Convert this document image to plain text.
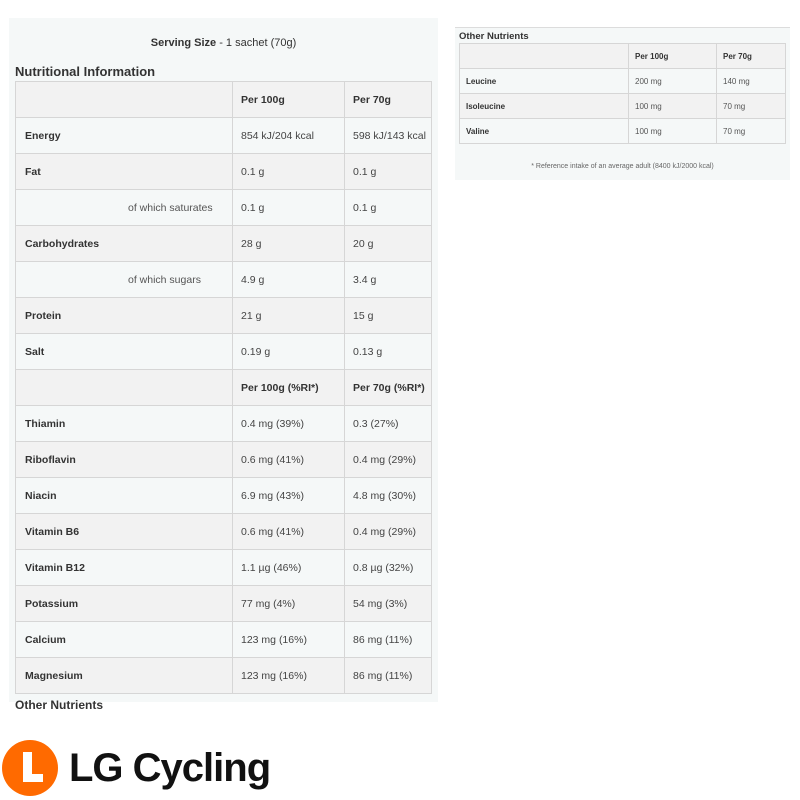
Serving Size - 1 sachet (70g)
Nutritional Information
	Per 100g	Per 70g
Energy	854 kJ/204 kcal	598 kJ/143 kcal
Fat	0.1 g	0.1 g
of which saturates	0.1 g	0.1 g
Carbohydrates	28 g	20 g
of which sugars	4.9 g	3.4 g
Protein	21 g	15 g
Salt	0.19 g	0.13 g
	Per 100g (%RI*)	Per 70g (%RI*)
Thiamin	0.4 mg (39%)	0.3 (27%)
Riboflavin	0.6 mg (41%)	0.4 mg (29%)
Niacin	6.9 mg (43%)	4.8 mg (30%)
Vitamin B6	0.6 mg (41%)	0.4 mg (29%)
Vitamin B12	1.1 µg (46%)	0.8 µg (32%)
Potassium	77 mg (4%)	54 mg (3%)
Calcium	123 mg (16%)	86 mg (11%)
Magnesium	123 mg (16%)	86 mg (11%)
Other Nutrients
Other Nutrients
	Per 100g	Per 70g
Leucine	200 mg	140 mg
Isoleucine	100 mg	70 mg
Valine	100 mg	70 mg
* Reference intake of an average adult (8400 kJ/2000 kcal)
LG Cycling
